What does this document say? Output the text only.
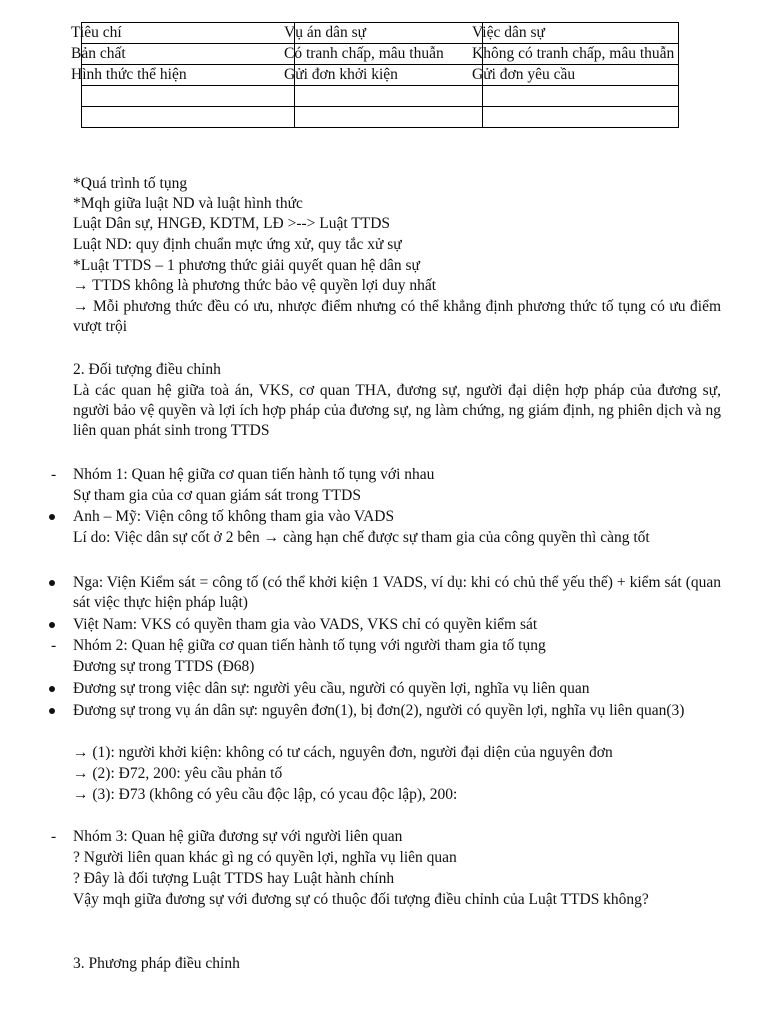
Tiêu chí	Vụ án dân sự	Việc dân sự
Bản chất	Có tranh chấp, mâu thuẫn	Không có tranh chấp, mâu thuẫn
Hình thức thể hiện	Gửi đơn khởi kiện	Gửi đơn yêu cầu

*Quá trình tố tụng
*Mqh giữa luật ND và luật hình thức
Luật Dân sự, HNGĐ, KDTM, LĐ >--> Luật TTDS
Luật ND: quy định chuẩn mực ứng xử, quy tắc xử sự
*Luật TTDS – 1 phương thức giải quyết quan hệ dân sự
→ TTDS không là phương thức bảo vệ quyền lợi duy nhất
→ Mỗi phương thức đều có ưu, nhược điểm nhưng có thể khẳng định phương thức tố tụng có ưu điểm vượt trội
2. Đối tượng điều chỉnh
Là các quan hệ giữa toà án, VKS, cơ quan THA, đương sự, người đại diện hợp pháp của đương sự, người bảo vệ quyền và lợi ích hợp pháp của đương sự, ng làm chứng, ng giám định, ng phiên dịch và ng liên quan phát sinh trong TTDS
- Nhóm 1: Quan hệ giữa cơ quan tiến hành tố tụng với nhau
Sự tham gia của cơ quan giám sát trong TTDS
Anh – Mỹ: Viện công tố không tham gia vào VADS
Lí do: Việc dân sự cốt ở 2 bên → càng hạn chế được sự tham gia của công quyền thì càng tốt
Nga: Viện Kiểm sát = công tố (có thể khởi kiện 1 VADS, ví dụ: khi có chủ thể yếu thế) + kiểm sát (quan sát việc thực hiện pháp luật)
Việt Nam: VKS có quyền tham gia vào VADS, VKS chỉ có quyền kiểm sát
- Nhóm 2: Quan hệ giữa cơ quan tiến hành tố tụng với người tham gia tố tụng
Đương sự trong TTDS (Đ68)
Đương sự trong việc dân sự: người yêu cầu, người có quyền lợi, nghĩa vụ liên quan
Đương sự trong vụ án dân sự: nguyên đơn(1), bị đơn(2), người có quyền lợi, nghĩa vụ liên quan(3)
→ (1): người khởi kiện: không có tư cách, nguyên đơn, người đại diện của nguyên đơn
→ (2): Đ72, 200: yêu cầu phản tố
→ (3): Đ73 (không có yêu cầu độc lập, có ycau độc lập), 200:
- Nhóm 3: Quan hệ giữa đương sự với người liên quan
? Người liên quan khác gì ng có quyền lợi, nghĩa vụ liên quan
? Đây là đối tượng Luật TTDS hay Luật hành chính
Vậy mqh giữa đương sự với đương sự có thuộc đối tượng điều chỉnh của Luật TTDS không?
3. Phương pháp điều chỉnh
